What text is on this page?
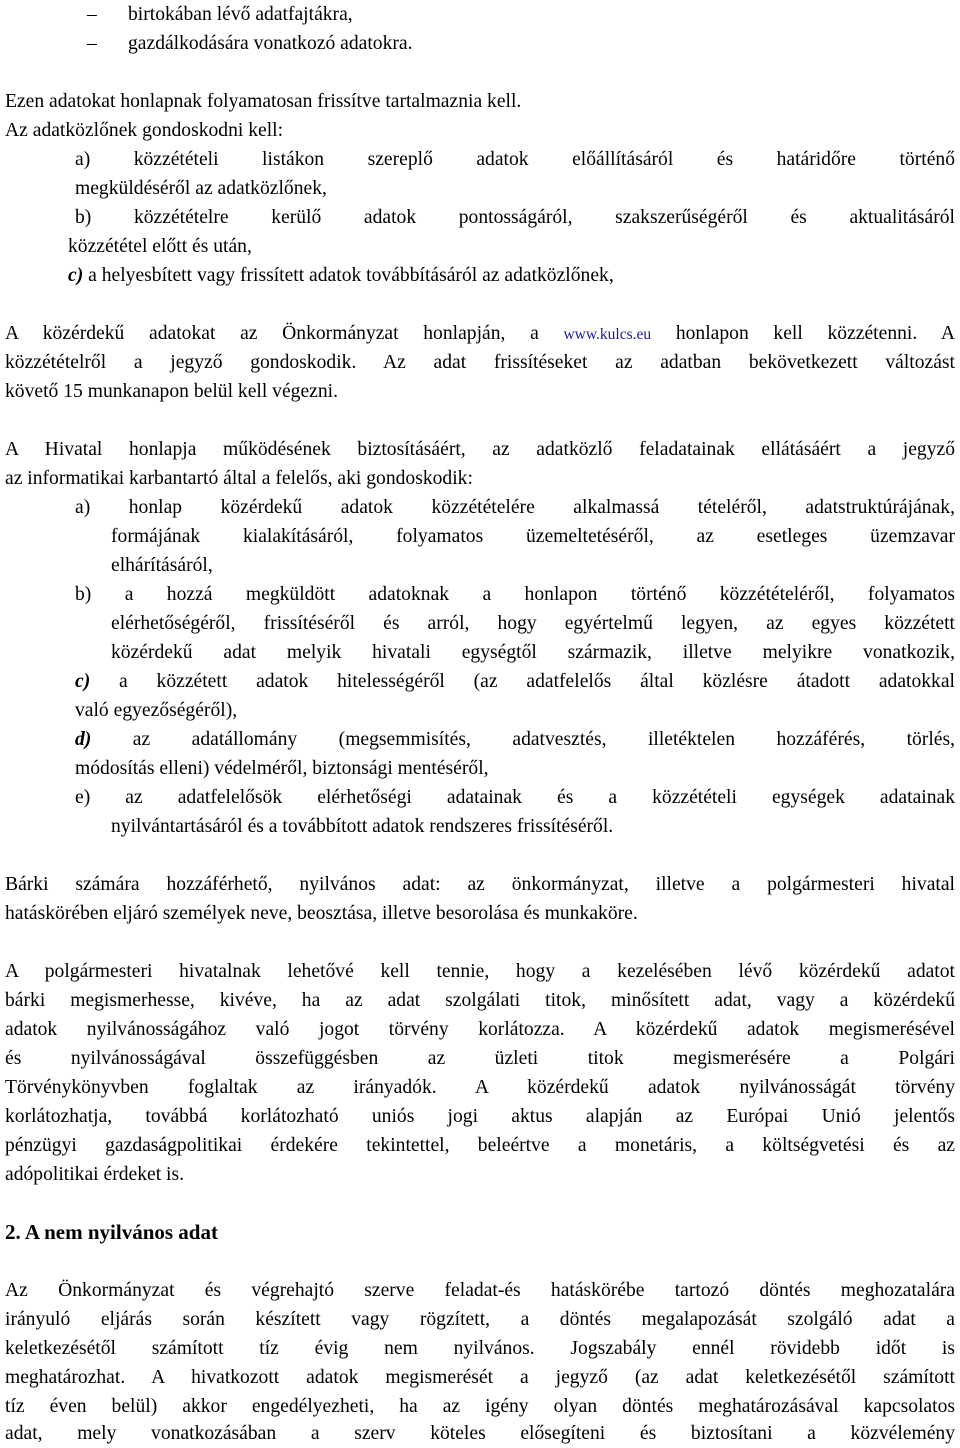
– birtokában lévő adatfajtákra,
– gazdálkodására vonatkozó adatokra.
Ezen adatokat honlapnak folyamatosan frissítve tartalmaznia kell.
Az adatközlőnek gondoskodni kell:
a) közzétételi listákon szereplő adatok előállításáról és határidőre történő
megküldéséről az adatközlőnek,
b) közzétételre kerülő adatok pontosságáról, szakszerűségéről és aktualitásáról
közzététel előtt és után,
c) a helyesbített vagy frissített adatok továbbításáról az adatközlőnek,
A közérdekű adatokat az Önkormányzat honlapján, a www.kulcs.eu honlapon kell közzétenni. A
közzétételről a jegyző gondoskodik. Az adat frissítéseket az adatban bekövetkezett változást
követő 15 munkanapon belül kell végezni.
A Hivatal honlapja működésének biztosításáért, az adatközlő feladatainak ellátásáért a jegyző
az informatikai karbantartó által a felelős, aki gondoskodik:
a) honlap közérdekű adatok közzétételére alkalmassá tételéről, adatstruktúrájának,
formájának kialakításáról, folyamatos üzemeltetéséről, az esetleges üzemzavar
elhárításáról,
b) a hozzá megküldött adatoknak a honlapon történő közzétételéről, folyamatos
elérhetőségéről, frissítéséről és arról, hogy egyértelmű legyen, az egyes közzétett
közérdekű adat melyik hivatali egységtől származik, illetve melyikre vonatkozik,
c) a közzétett adatok hitelességéről (az adatfelelős által közlésre átadott adatokkal
való egyezőségéről),
d) az adatállomány (megsemmisítés, adatvesztés, illetéktelen hozzáférés, törlés,
módosítás elleni) védelméről, biztonsági mentéséről,
e) az adatfelelősök elérhetőségi adatainak és a közzétételi egységek adatainak
nyilvántartásáról és a továbbított adatok rendszeres frissítéséről.
Bárki számára hozzáférhető, nyilvános adat: az önkormányzat, illetve a polgármesteri hivatal
hatáskörében eljáró személyek neve, beosztása, illetve besorolása és munkaköre.
A polgármesteri hivatalnak lehetővé kell tennie, hogy a kezelésében lévő közérdekű adatot
bárki megismerhesse, kivéve, ha az adat szolgálati titok, minősített adat, vagy a közérdekű
adatok nyilvánosságához való jogot törvény korlátozza. A közérdekű adatok megismerésével
és nyilvánosságával összefüggésben az üzleti titok megismerésére a Polgári
Törvénykönyvben foglaltak az irányadók. A közérdekű adatok nyilvánosságát törvény
korlátozhatja, továbbá korlátozható uniós jogi aktus alapján az Európai Unió jelentős
pénzügyi gazdaságpolitikai érdekére tekintettel, beleértve a monetáris, a költségvetési és az
adópolitikai érdeket is.
2. A nem nyilvános adat
Az Önkormányzat és végrehajtó szerve feladat-és hatáskörébe tartozó döntés meghozatalára
irányuló eljárás során készített vagy rögzített, a döntés megalapozását szolgáló adat a
keletkezésétől számított tíz évig nem nyilvános. Jogszabály ennél rövidebb időt is
meghatározhat. A hivatkozott adatok megismerését a jegyző (az adat keletkezésétől számított
tíz éven belül) akkor engedélyezheti, ha az igény olyan döntés meghatározásával kapcsolatos
adat, mely vonatkozásában a szerv köteles elősegíteni és biztosítani a közvélemény
